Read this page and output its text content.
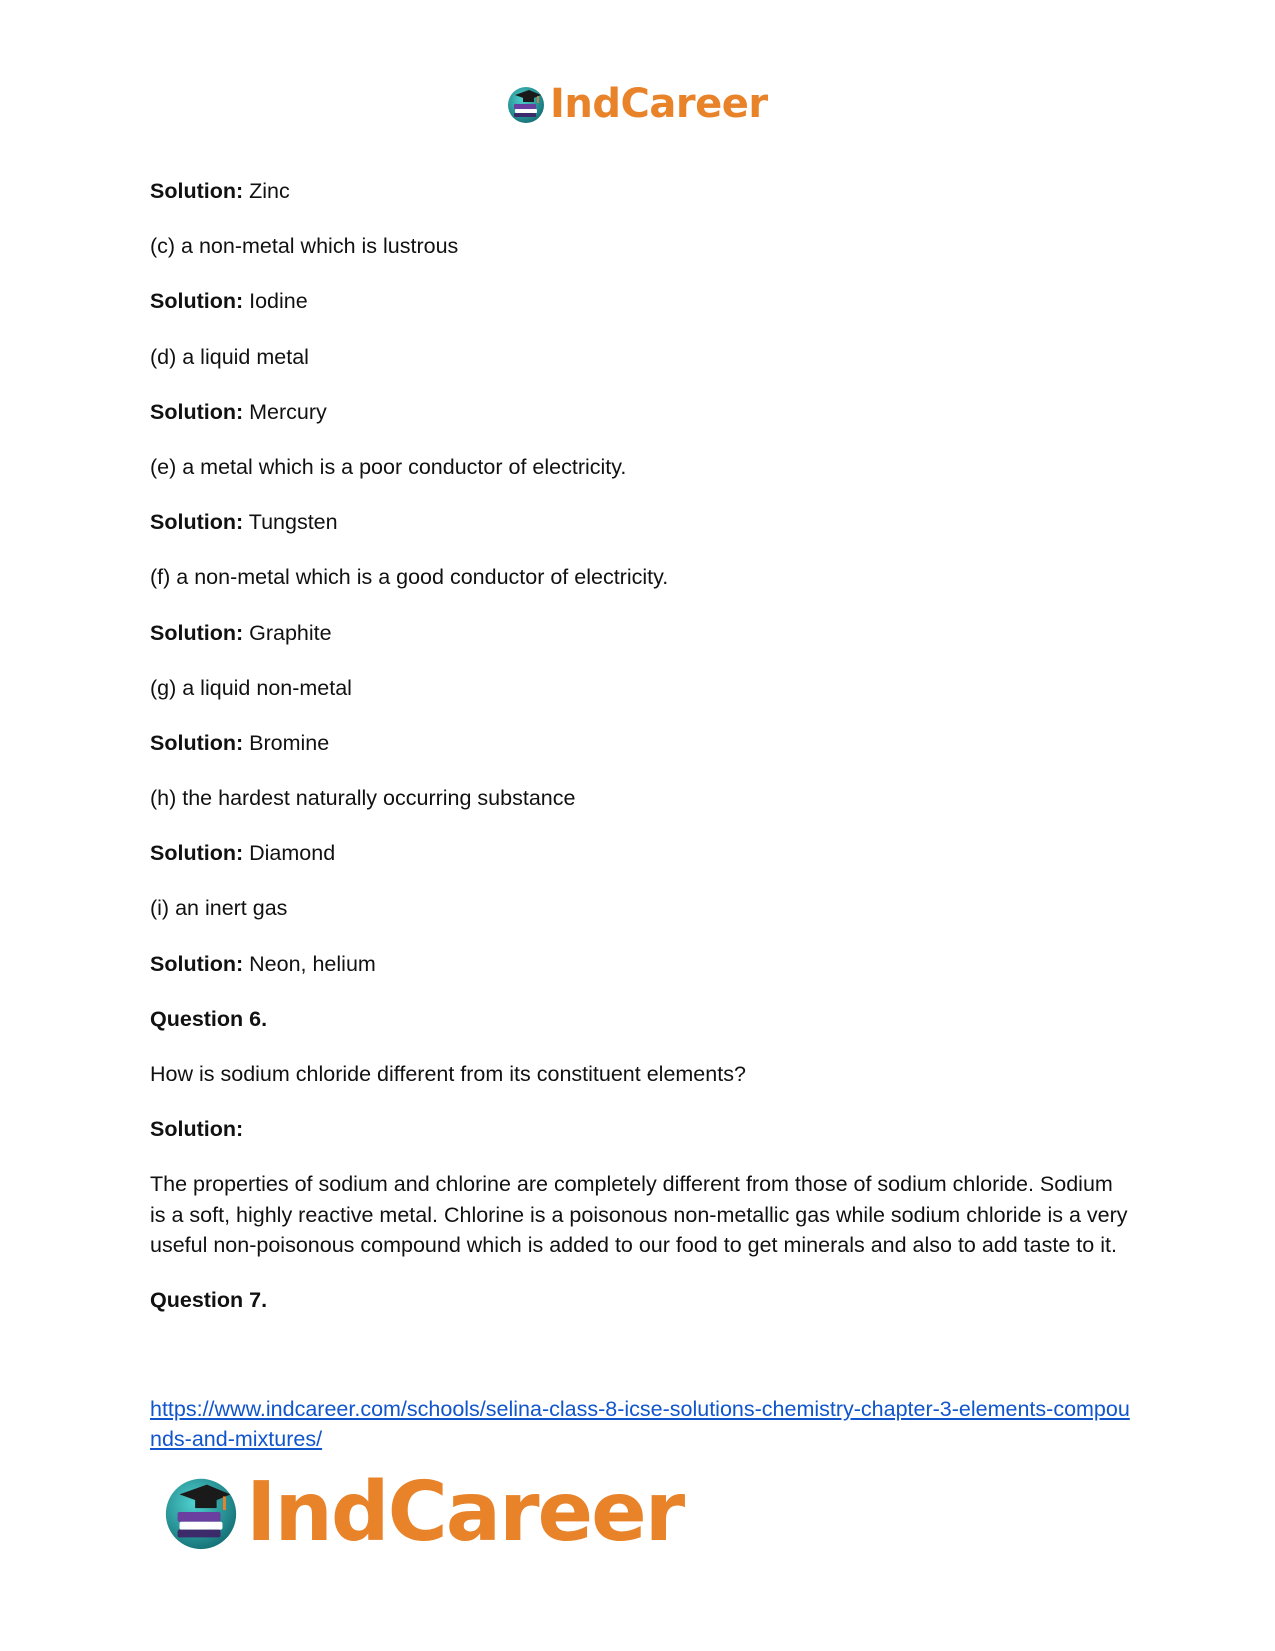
IndCareer

Solution: Zinc

(c) a non-metal which is lustrous

Solution: Iodine

(d) a liquid metal

Solution: Mercury

(e) a metal which is a poor conductor of electricity.

Solution: Tungsten

(f) a non-metal which is a good conductor of electricity.

Solution: Graphite

(g) a liquid non-metal

Solution: Bromine

(h) the hardest naturally occurring substance

Solution: Diamond

(i) an inert gas

Solution: Neon, helium

Question 6.

How is sodium chloride different from its constituent elements?

Solution:

The properties of sodium and chlorine are completely different from those of sodium chloride. Sodium is a soft, highly reactive metal. Chlorine is a poisonous non-metallic gas while sodium chloride is a very useful non-poisonous compound which is added to our food to get minerals and also to add taste to it.

Question 7.

https://www.indcareer.com/schools/selina-class-8-icse-solutions-chemistry-chapter-3-elements-compounds-and-mixtures/
IndCareer
